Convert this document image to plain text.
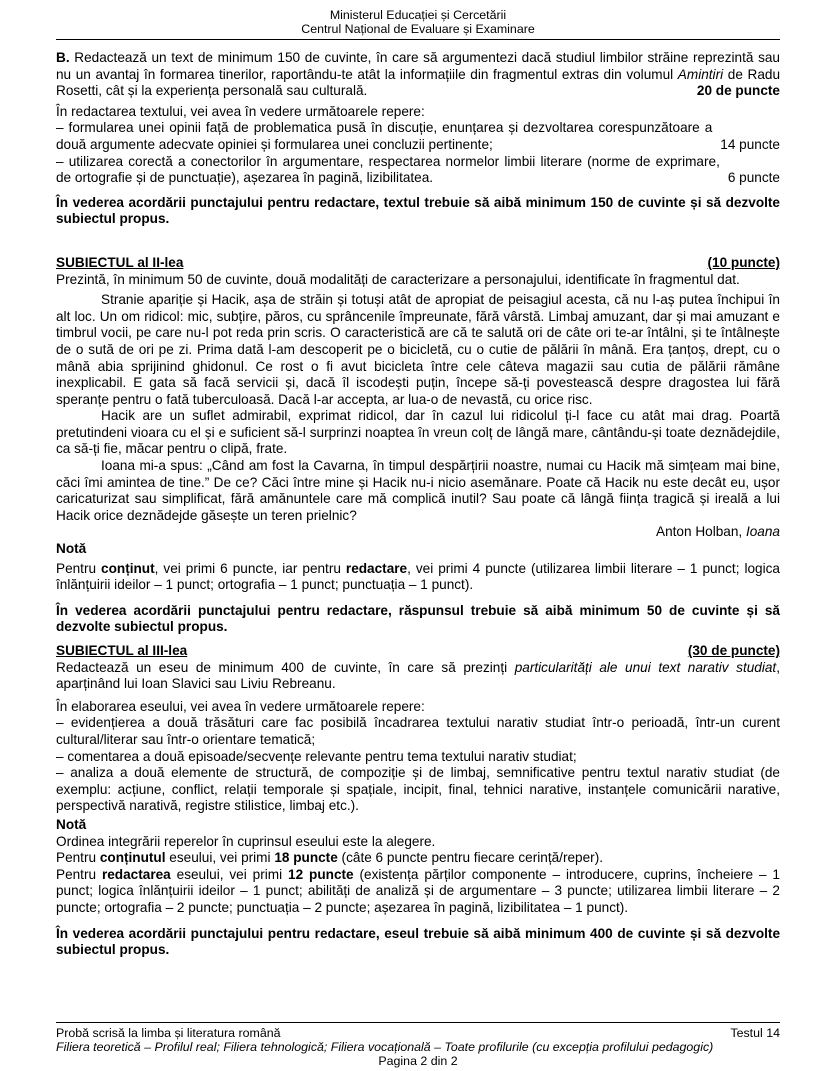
Ministerul Educației și Cercetării
Centrul Național de Evaluare și Examinare

B. Redactează un text de minimum 150 de cuvinte, în care să argumentezi dacă studiul limbilor străine reprezintă sau nu un avantaj în formarea tinerilor, raportându-te atât la informațiile din fragmentul extras din volumul Amintiri de Radu Rosetti, cât și la experiența personală sau culturală.	20 de puncte

În redactarea textului, vei avea în vedere următoarele repere:

– formularea unei opinii față de problematica pusă în discuție, enunțarea și dezvoltarea corespunzătoare a două argumente adecvate opiniei și formularea unei concluzii pertinente;	14 puncte
– utilizarea corectă a conectorilor în argumentare, respectarea normelor limbii literare (norme de exprimare, de ortografie și de punctuație), așezarea în pagină, lizibilitatea.	6 puncte

În vederea acordării punctajului pentru redactare, textul trebuie să aibă minimum 150 de cuvinte și să dezvolte subiectul propus.

SUBIECTUL al II-lea	(10 puncte)

Prezintă, în minimum 50 de cuvinte, două modalități de caracterizare a personajului, identificate în fragmentul dat.

Stranie apariție și Hacik, așa de străin și totuși atât de apropiat de peisagiul acesta, că nu l-aș putea închipui în alt loc. Un om ridicol: mic, subțire, păros, cu sprâncenile împreunate, fără vârstă. Limbaj amuzant, dar și mai amuzant e timbrul vocii, pe care nu-l pot reda prin scris. O caracteristică are că te salută ori de câte ori te-ar întâlni, și te întâlnește de o sută de ori pe zi. Prima dată l-am descoperit pe o bicicletă, cu o cutie de pălării în mână. Era țanțoș, drept, cu o mână abia sprijinind ghidonul. Ce rost o fi avut bicicleta între cele câteva magazii sau cutia de pălării rămâne inexplicabil. E gata să facă servicii și, dacă îl iscodești puțin, începe să-ți povestească despre dragostea lui fără speranțe pentru o fată tuberculoasă. Dacă l-ar accepta, ar lua-o de nevastă, cu orice risc.

Hacik are un suflet admirabil, exprimat ridicol, dar în cazul lui ridicolul ți-l face cu atât mai drag. Poartă pretutindeni vioara cu el și e suficient să-l surprinzi noaptea în vreun colț de lângă mare, cântându-și toate deznădejdile, ca să-ți fie, măcar pentru o clipă, frate.

Ioana mi-a spus: „Când am fost la Cavarna, în timpul despărțirii noastre, numai cu Hacik mă simțeam mai bine, căci îmi amintea de tine.” De ce? Căci între mine și Hacik nu-i nicio asemănare. Poate că Hacik nu este decât eu, ușor caricaturizat sau simplificat, fără amănuntele care mă complică inutil? Sau poate că lângă ființa tragică și ireală a lui Hacik orice deznădejde găsește un teren prielnic?

Anton Holban, Ioana

Notă

Pentru conținut, vei primi 6 puncte, iar pentru redactare, vei primi 4 puncte (utilizarea limbii literare – 1 punct; logica înlănțuirii ideilor – 1 punct; ortografia – 1 punct; punctuația – 1 punct).

În vederea acordării punctajului pentru redactare, răspunsul trebuie să aibă minimum 50 de cuvinte și să dezvolte subiectul propus.

SUBIECTUL al III-lea	(30 de puncte)

Redactează un eseu de minimum 400 de cuvinte, în care să prezinți particularități ale unui text narativ studiat, aparținând lui Ioan Slavici sau Liviu Rebreanu.

În elaborarea eseului, vei avea în vedere următoarele repere:

– evidențierea a două trăsături care fac posibilă încadrarea textului narativ studiat într-o perioadă, într-un curent cultural/literar sau într-o orientare tematică;

– comentarea a două episoade/secvențe relevante pentru tema textului narativ studiat;

– analiza a două elemente de structură, de compoziție și de limbaj, semnificative pentru textul narativ studiat (de exemplu: acțiune, conflict, relații temporale și spațiale, incipit, final, tehnici narative, instanțele comunicării narative, perspectivă narativă, registre stilistice, limbaj etc.).

Notă

Ordinea integrării reperelor în cuprinsul eseului este la alegere.

Pentru conținutul eseului, vei primi 18 puncte (câte 6 puncte pentru fiecare cerință/reper).

Pentru redactarea eseului, vei primi 12 puncte (existența părților componente – introducere, cuprins, încheiere – 1 punct; logica înlănțuirii ideilor – 1 punct; abilități de analiză și de argumentare – 3 puncte; utilizarea limbii literare – 2 puncte; ortografia – 2 puncte; punctuația – 2 puncte; așezarea în pagină, lizibilitatea – 1 punct).

În vederea acordării punctajului pentru redactare, eseul trebuie să aibă minimum 400 de cuvinte și să dezvolte subiectul propus.

Probă scrisă la limba și literatura română	Testul 14
Filiera teoretică – Profilul real; Filiera tehnologică; Filiera vocațională – Toate profilurile (cu excepția profilului pedagogic)
Pagina 2 din 2
